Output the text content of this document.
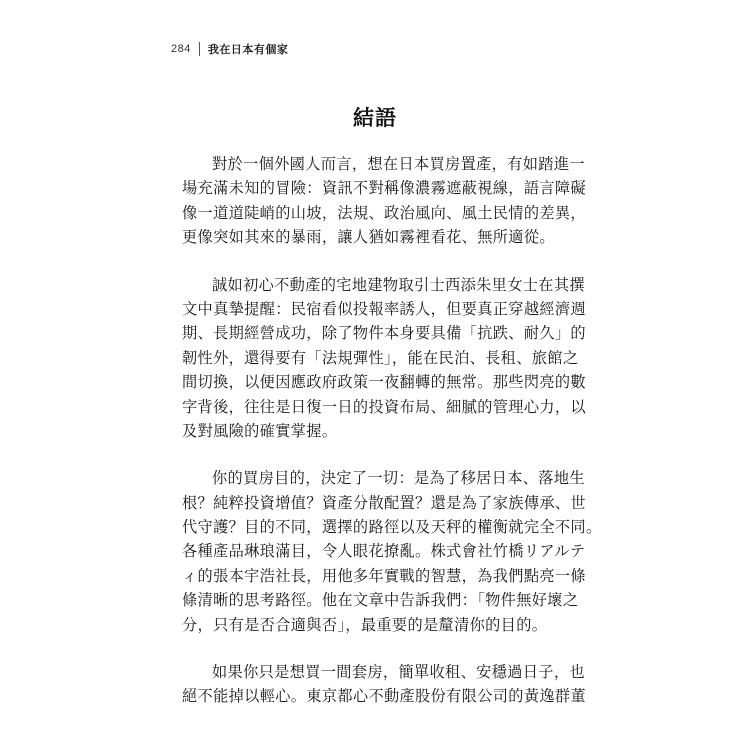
284 我在日本有個家
結語
對於一個外國人而言，想在日本買房置產，有如踏進一
場充滿未知的冒險：資訊不對稱像濃霧遮蔽視線，語言障礙
像一道道陡峭的山坡，法規、政治風向、風土民情的差異，
更像突如其來的暴雨，讓人猶如霧裡看花、無所適從。
誠如初心不動產的宅地建物取引士西添朱里女士在其撰
文中真摯提醒：民宿看似投報率誘人，但要真正穿越經濟週
期、長期經營成功，除了物件本身要具備「抗跌、耐久」的
韌性外，還得要有「法規彈性」，能在民泊、長租、旅館之
間切換，以便因應政府政策一夜翻轉的無常。那些閃亮的數
字背後，往往是日復一日的投資布局、細膩的管理心力，以
及對風險的確實掌握。
你的買房目的，決定了一切：是為了移居日本、落地生
根？純粹投資增值？資產分散配置？還是為了家族傳承、世
代守護？目的不同，選擇的路徑以及天秤的權衡就完全不同。
各種產品琳琅滿目，令人眼花撩亂。株式會社竹橋リアルテ
ィ的張本宇浩社長，用他多年實戰的智慧，為我們點亮一條
條清晰的思考路徑。他在文章中告訴我們：「物件無好壞之
分，只有是否合適與否」，最重要的是釐清你的目的。
如果你只是想買一間套房，簡單收租、安穩過日子，也
絕不能掉以輕心。東京都心不動產股份有限公司的黃逸群董
